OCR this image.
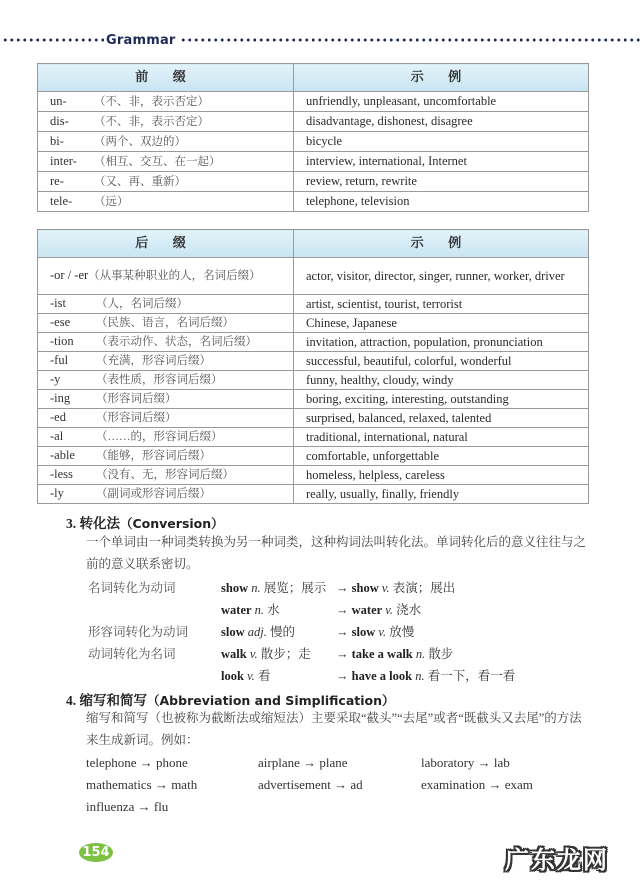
Grammar
前 缀	示 例
un- （不、非，表示否定）	unfriendly, unpleasant, uncomfortable
dis- （不、非，表示否定）	disadvantage, dishonest, disagree
bi- （两个、双边的）	bicycle
inter- （相互、交互、在一起）	interview, international, Internet
re- （又、再、重新）	review, return, rewrite
tele- （远）	telephone, television
后 缀	示 例
-or / -er（从事某种职业的人，名词后缀）	actor, visitor, director, singer, runner, worker, driver
-ist （人，名词后缀）	artist, scientist, tourist, terrorist
-ese （民族、语言，名词后缀）	Chinese, Japanese
-tion （表示动作、状态，名词后缀）	invitation, attraction, population, pronunciation
-ful （充满，形容词后缀）	successful, beautiful, colorful, wonderful
-y （表性质，形容词后缀）	funny, healthy, cloudy, windy
-ing （形容词后缀）	boring, exciting, interesting, outstanding
-ed （形容词后缀）	surprised, balanced, relaxed, talented
-al （……的，形容词后缀）	traditional, international, natural
-able （能够，形容词后缀）	comfortable, unforgettable
-less （没有、无，形容词后缀）	homeless, helpless, careless
-ly （副词或形容词后缀）	really, usually, finally, friendly
3. 转化法（Conversion）
一个单词由一种词类转换为另一种词类，这种构词法叫转化法。单词转化后的意义往往与之前的意义联系密切。
名词转化为动词	show n. 展览；展示 → show v. 表演；展出
water n. 水	→ water v. 浇水
形容词转化为动词	slow adj. 慢的	→ slow v. 放慢
动词转化为名词	walk v. 散步；走 → take a walk n. 散步
look v. 看	→ have a look n. 看一下，看一看
4. 缩写和简写（Abbreviation and Simplification）
缩写和简写（也被称为截断法或缩短法）主要采取“截头”“去尾”或者“既截头又去尾”的方法来生成新词。例如：
telephone → phone	airplane → plane	laboratory → lab
mathematics → math	advertisement → ad	examination → exam
influenza → flu
154	广东龙网
